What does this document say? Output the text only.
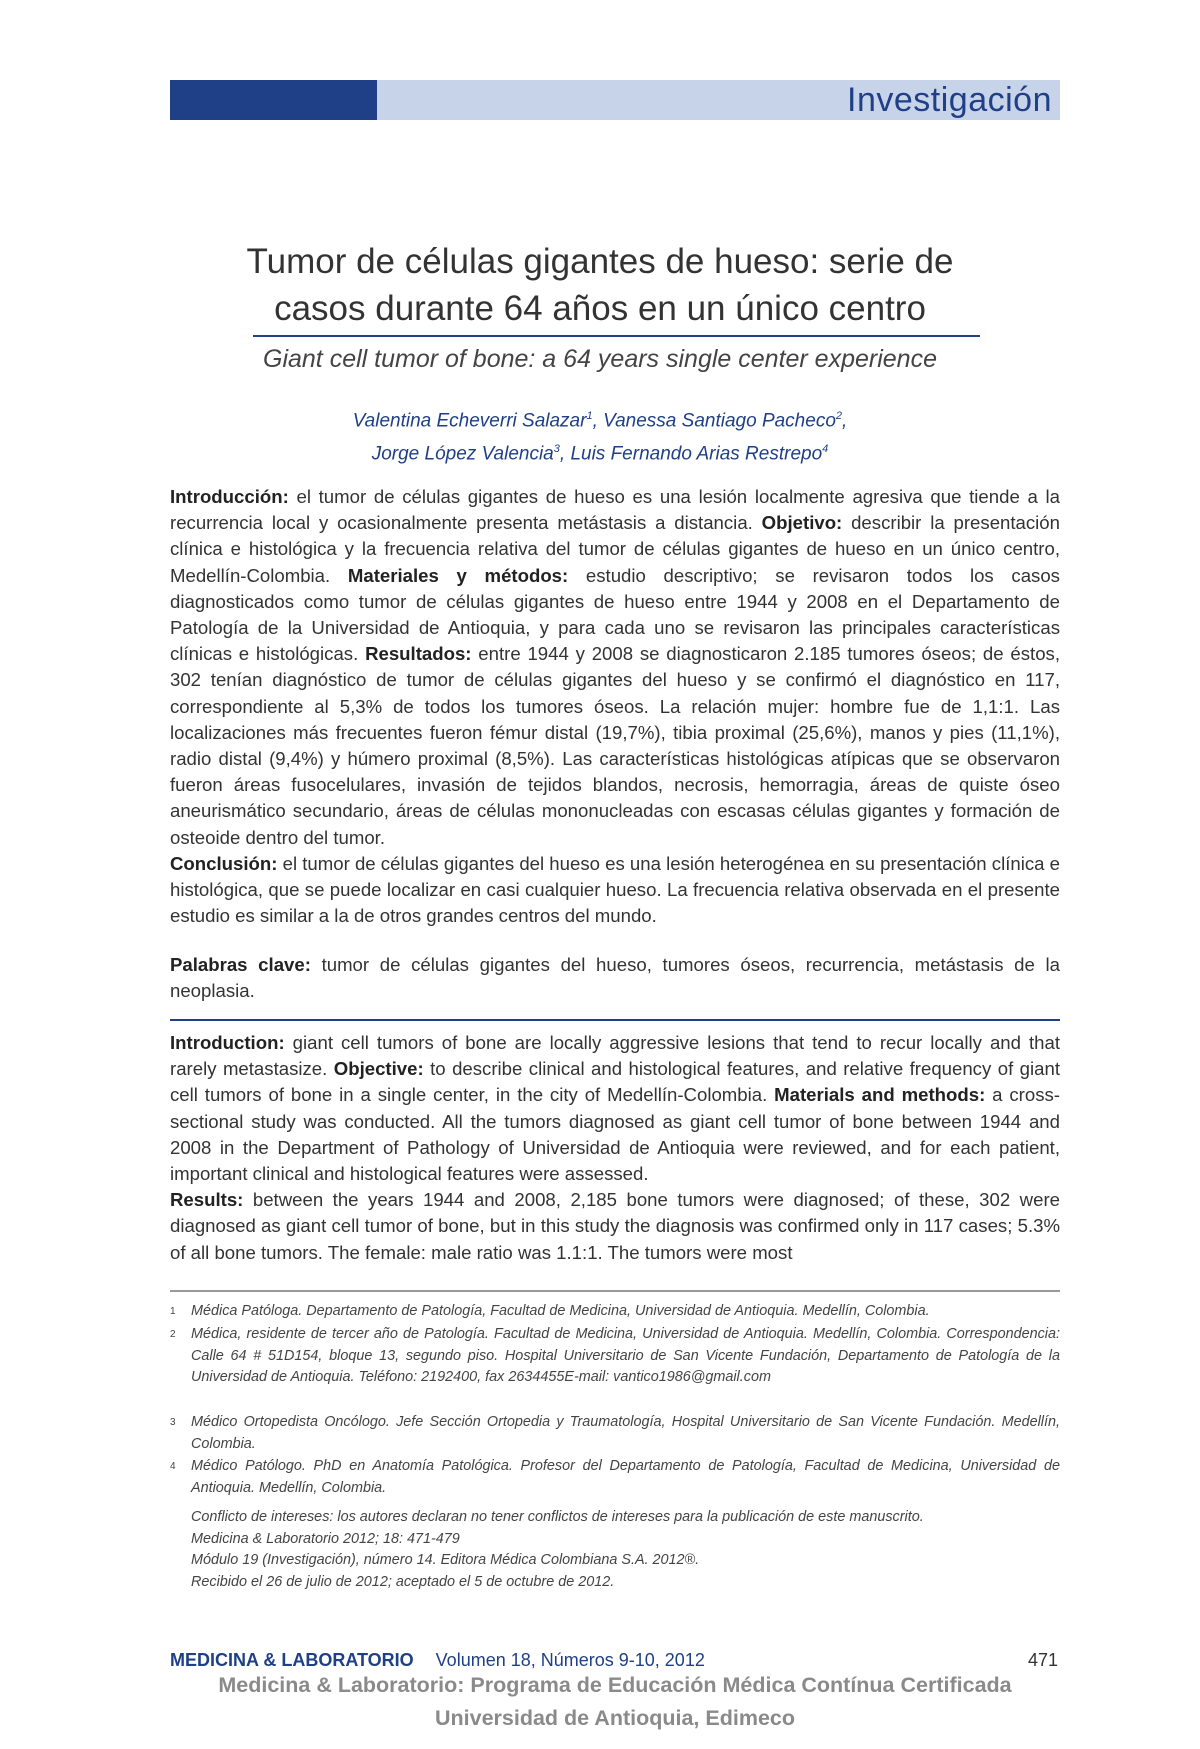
Investigación
Tumor de células gigantes de hueso: serie de
casos durante 64 años en un único centro
Giant cell tumor of bone: a 64 years single center experience
Valentina Echeverri Salazar$^1$, Vanessa Santiago Pacheco$^2$,
Jorge López Valencia$^3$, Luis Fernando Arias Restrepo$^4$
Introducción: el tumor de células gigantes de hueso es una lesión localmente agresiva que tiende a la recurrencia local y ocasionalmente presenta metástasis a distancia. Objetivo: describir la presentación clínica e histológica y la frecuencia relativa del tumor de células gigantes de hueso en un único centro, Medellín-Colombia. Materiales y métodos: estudio descriptivo; se revisaron todos los casos diagnosticados como tumor de células gigantes de hueso entre 1944 y 2008 en el Departamento de Patología de la Universidad de Antioquia, y para cada uno se revisaron las principales características clínicas e histológicas. Resultados: entre 1944 y 2008 se diagnosticaron 2.185 tumores óseos; de éstos, 302 tenían diagnóstico de tumor de células gigantes del hueso y se confirmó el diagnóstico en 117, correspondiente al 5,3% de todos los tumores óseos. La relación mujer: hombre fue de 1,1:1. Las localizaciones más frecuentes fueron fémur distal (19,7%), tibia proximal (25,6%), manos y pies (11,1%), radio distal (9,4%) y húmero proximal (8,5%). Las características histológicas atípicas que se observaron fueron áreas fusocelulares, invasión de tejidos blandos, necrosis, hemorragia, áreas de quiste óseo aneurismático secundario, áreas de células mononucleadas con escasas células gigantes y formación de osteoide dentro del tumor.
Conclusión: el tumor de células gigantes del hueso es una lesión heterogénea en su presentación clínica e histológica, que se puede localizar en casi cualquier hueso. La frecuencia relativa observada en el presente estudio es similar a la de otros grandes centros del mundo.
Palabras clave: tumor de células gigantes del hueso, tumores óseos, recurrencia, metástasis de la neoplasia.
Introduction: giant cell tumors of bone are locally aggressive lesions that tend to recur locally and that rarely metastasize. Objective: to describe clinical and histological features, and relative frequency of giant cell tumors of bone in a single center, in the city of Medellín-Colombia. Materials and methods: a cross-sectional study was conducted. All the tumors diagnosed as giant cell tumor of bone between 1944 and 2008 in the Department of Pathology of Universidad de Antioquia were reviewed, and for each patient, important clinical and histological features were assessed.
Results: between the years 1944 and 2008, 2,185 bone tumors were diagnosed; of these, 302 were diagnosed as giant cell tumor of bone, but in this study the diagnosis was confirmed only in 117 cases; 5.3% of all bone tumors. The female: male ratio was 1.1:1. The tumors were most
1 Médica Patóloga. Departamento de Patología, Facultad de Medicina, Universidad de Antioquia. Medellín, Colombia.
2 Médica, residente de tercer año de Patología. Facultad de Medicina, Universidad de Antioquia. Medellín, Colombia. Correspondencia: Calle 64 # 51D154, bloque 13, segundo piso. Hospital Universitario de San Vicente Fundación, Departamento de Patología de la Universidad de Antioquia. Teléfono: 2192400, fax 2634455E-mail: vantico1986@gmail.com
3 Médico Ortopedista Oncólogo. Jefe Sección Ortopedia y Traumatología, Hospital Universitario de San Vicente Fundación. Medellín, Colombia.
4 Médico Patólogo. PhD en Anatomía Patológica. Profesor del Departamento de Patología, Facultad de Medicina, Universidad de Antioquia. Medellín, Colombia.
Conflicto de intereses: los autores declaran no tener conflictos de intereses para la publicación de este manuscrito.
Medicina & Laboratorio 2012; 18: 471-479
Módulo 19 (Investigación), número 14. Editora Médica Colombiana S.A. 2012®.
Recibido el 26 de julio de 2012; aceptado el 5 de octubre de 2012.
MEDICINA & LABORATORIO Volumen 18, Números 9-10, 2012	471
Medicina & Laboratorio: Programa de Educación Médica Contínua Certificada
Universidad de Antioquia, Edimeco
